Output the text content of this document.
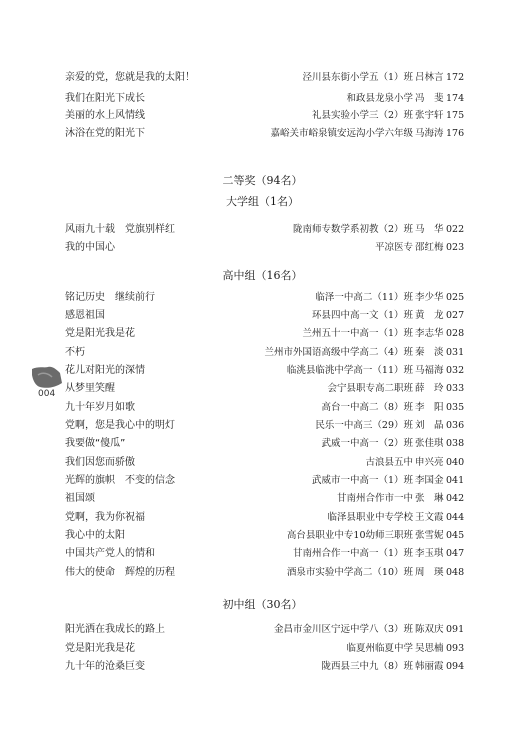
亲爱的党，您就是我的太阳！	泾川县东街小学五（1）班 吕林言 172
我们在阳光下成长	和政县龙泉小学 冯　斐 174
美丽的水上风情线	礼县实验小学三（2）班 张宇轩 175
沐浴在党的阳光下	嘉峪关市峪泉镇安远沟小学六年级 马海涛 176
二等奖（94名）
大学组（1名）
风雨九十载　党旗别样红	陇南师专数学系初教（2）班 马　华 022
我的中国心	平凉医专 邵红梅 023
高中组（16名）
铭记历史　继续前行	临泽一中高二（11）班 李少华 025
感恩祖国	环县四中高一文（1）班 黄　龙 027
党是阳光我是花	兰州五十一中高一（1）班 李志华 028
不朽	兰州市外国语高级中学高二（4）班 秦　淡 031
花儿对阳光的深情	临洮县临洮中学高一（11）班 马福海 032
从梦里笑醒	会宁县职专高二职班 薛　玲 033
九十年岁月如歌	高台一中高二（8）班 李　阳 035
党啊，您是我心中的明灯	民乐一中高三（29）班 刘　晶 036
我要做“傻瓜”	武威一中高一（2）班 张佳琪 038
我们因您而骄傲	古浪县五中 申兴亮 040
光辉的旗帜　不变的信念	武威市一中高一（1）班 李国金 041
祖国颂	甘南州合作市一中 张　琳 042
党啊，我为你祝福	临泽县职业中专学校 王文霞 044
我心中的太阳	高台县职业中专10幼师三职班 张雪妮 045
中国共产党人的情和	甘南州合作一中高一（1）班 李玉琪 047
伟大的使命　辉煌的历程	酒泉市实验中学高二（10）班 周　瑛 048
初中组（30名）
阳光洒在我成长的路上	金昌市金川区宁远中学八（3）班 陈双庆 091
党是阳光我是花	临夏州临夏中学 吴思楠 093
九十年的沧桑巨变	陇西县三中九（8）班 韩丽霞 094
004
